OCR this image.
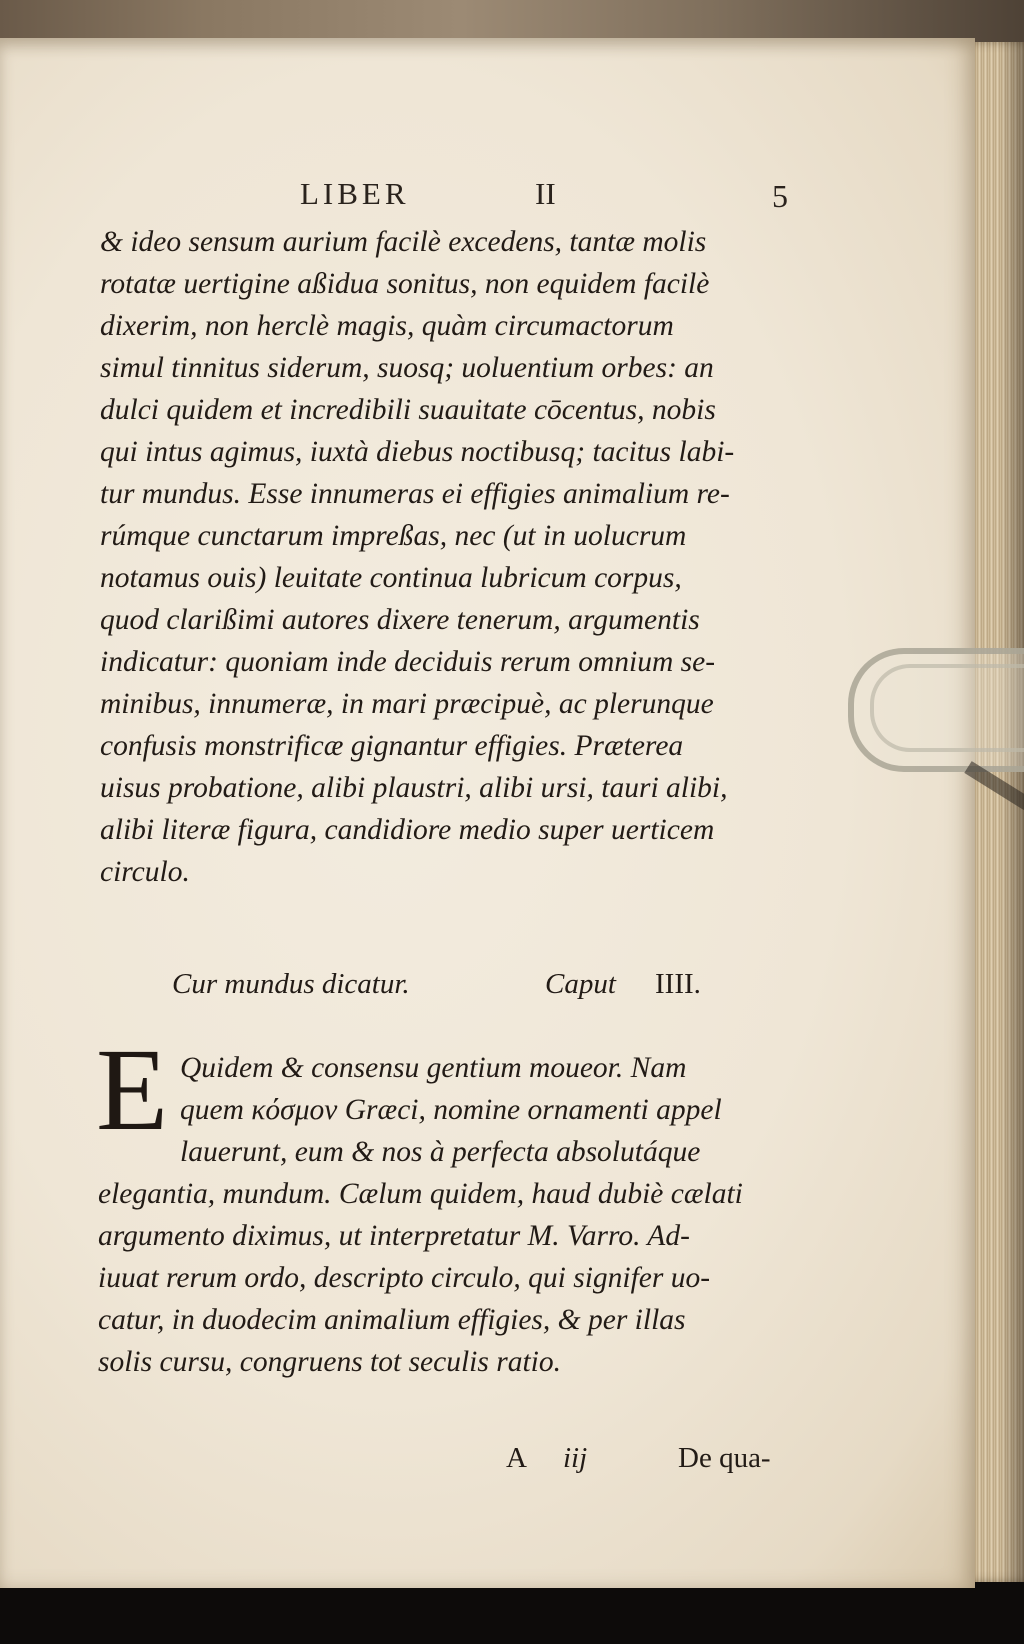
LIBER	II	5
& ideo sensum aurium facilè excedens, tantæ molis
rotatæ uertigine aßidua sonitus, non equidem facilè
dixerim, non herclè magis, quàm circumactorum
simul tinnitus siderum, suosq; uoluentium orbes: an
dulci quidem et incredibili suauitate cōcentus, nobis
qui intus agimus, iuxtà diebus noctibusq; tacitus labi-
tur mundus. Esse innumeras ei effigies animalium re-
rúmque cunctarum impreßas, nec (ut in uolucrum
notamus ouis) leuitate continua lubricum corpus,
quod clarißimi autores dixere tenerum, argumentis
indicatur: quoniam inde deciduis rerum omnium se-
minibus, innumeræ, in mari præcipuè, ac plerunque
confusis monstrificæ gignantur effigies. Præterea
uisus probatione, alibi plaustri, alibi ursi, tauri alibi,
alibi literæ figura, candidiore medio super uerticem
circulo.
Cur mundus dicatur.	Caput IIII.
E Quidem & consensu gentium moueor. Nam
quem κόσμον Græci, nomine ornamenti appel
lauerunt, eum & nos à perfecta absolutáque
elegantia, mundum. Cælum quidem, haud dubiè cælati
argumento diximus, ut interpretatur M. Varro. Ad-
iuuat rerum ordo, descripto circulo, qui signifer uo-
catur, in duodecim animalium effigies, & per illas
solis cursu, congruens tot seculis ratio.
A iij	De qua-
